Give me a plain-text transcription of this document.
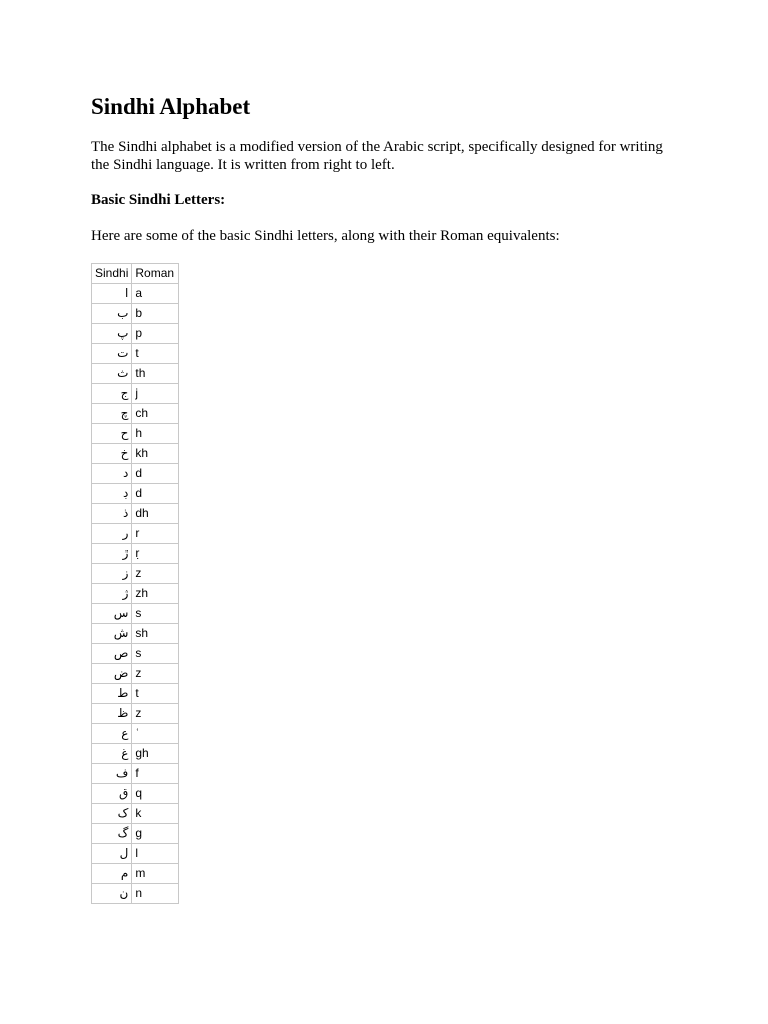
Sindhi Alphabet

The Sindhi alphabet is a modified version of the Arabic script, specifically designed for writing the Sindhi language. It is written from right to left.

Basic Sindhi Letters:

Here are some of the basic Sindhi letters, along with their Roman equivalents:

Sindhi	Roman
ا	a
ب	b
پ	p
ت	t
ث	th
ج	j
چ	ch
ح	h
خ	kh
د	d
ڊ	d
ذ	dh
ر	r
ڙ	ṛ
ز	z
ژ	zh
س	s
ش	sh
ص	s
ض	z
ط	t
ظ	z
ع	ʿ
غ	gh
ف	f
ق	q
ک	k
گ	g
ل	l
م	m
ن	n
